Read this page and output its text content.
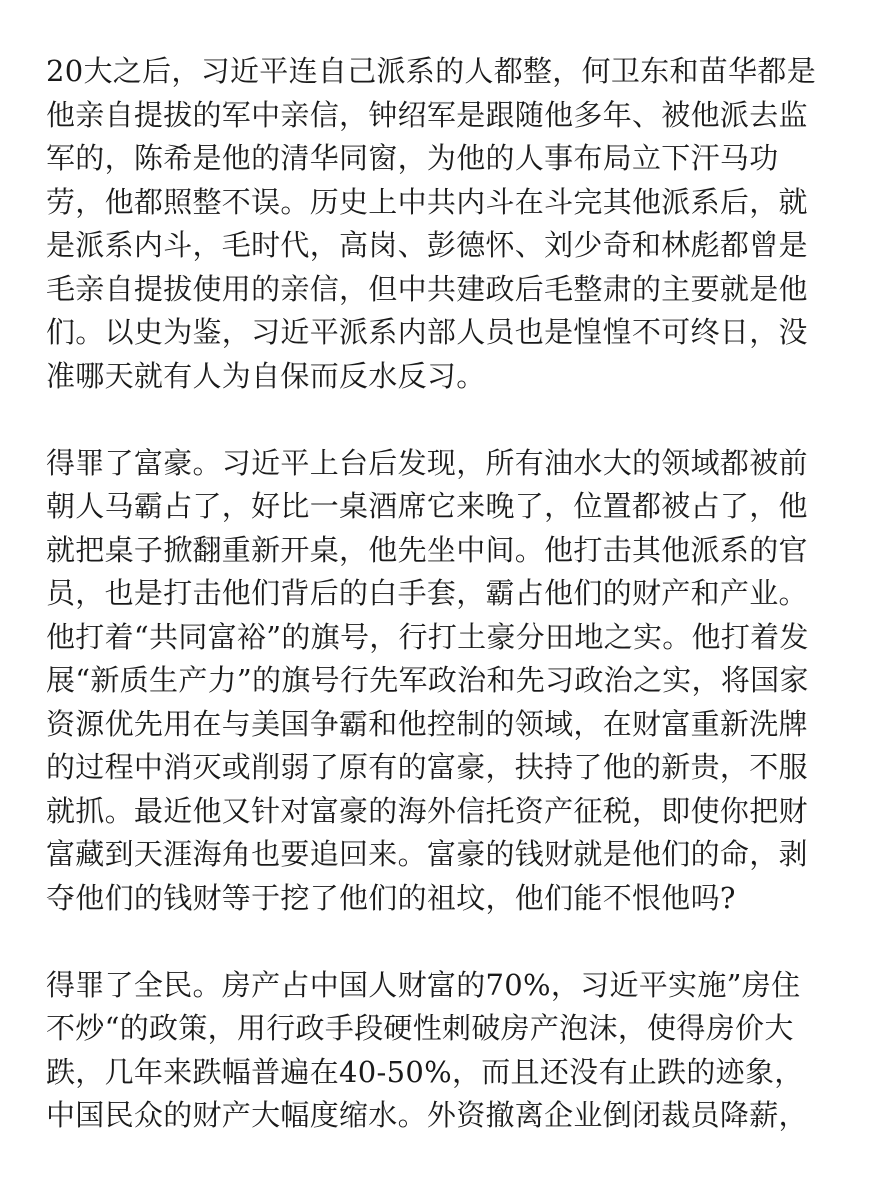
20大之后，习近平连自己派系的人都整，何卫东和苗华都是
他亲自提拔的军中亲信，钟绍军是跟随他多年、被他派去监
军的，陈希是他的清华同窗，为他的人事布局立下汗马功
劳，他都照整不误。历史上中共内斗在斗完其他派系后，就
是派系内斗，毛时代，高岗、彭德怀、刘少奇和林彪都曾是
毛亲自提拔使用的亲信，但中共建政后毛整肃的主要就是他
们。以史为鉴，习近平派系内部人员也是惶惶不可终日，没
准哪天就有人为自保而反水反习。
得罪了富豪。习近平上台后发现，所有油水大的领域都被前
朝人马霸占了，好比一桌酒席它来晚了，位置都被占了，他
就把桌子掀翻重新开桌，他先坐中间。他打击其他派系的官
员，也是打击他们背后的白手套，霸占他们的财产和产业。
他打着“共同富裕”的旗号，行打土豪分田地之实。他打着发
展“新质生产力”的旗号行先军政治和先习政治之实，将国家
资源优先用在与美国争霸和他控制的领域，在财富重新洗牌
的过程中消灭或削弱了原有的富豪，扶持了他的新贵，不服
就抓。最近他又针对富豪的海外信托资产征税，即使你把财
富藏到天涯海角也要追回来。富豪的钱财就是他们的命，剥
夺他们的钱财等于挖了他们的祖坟，他们能不恨他吗?
得罪了全民。房产占中国人财富的70%，习近平实施”房住
不炒“的政策，用行政手段硬性刺破房产泡沫，使得房价大
跌，几年来跌幅普遍在40-50%，而且还没有止跌的迹象，
中国民众的财产大幅度缩水。外资撤离企业倒闭裁员降薪，
